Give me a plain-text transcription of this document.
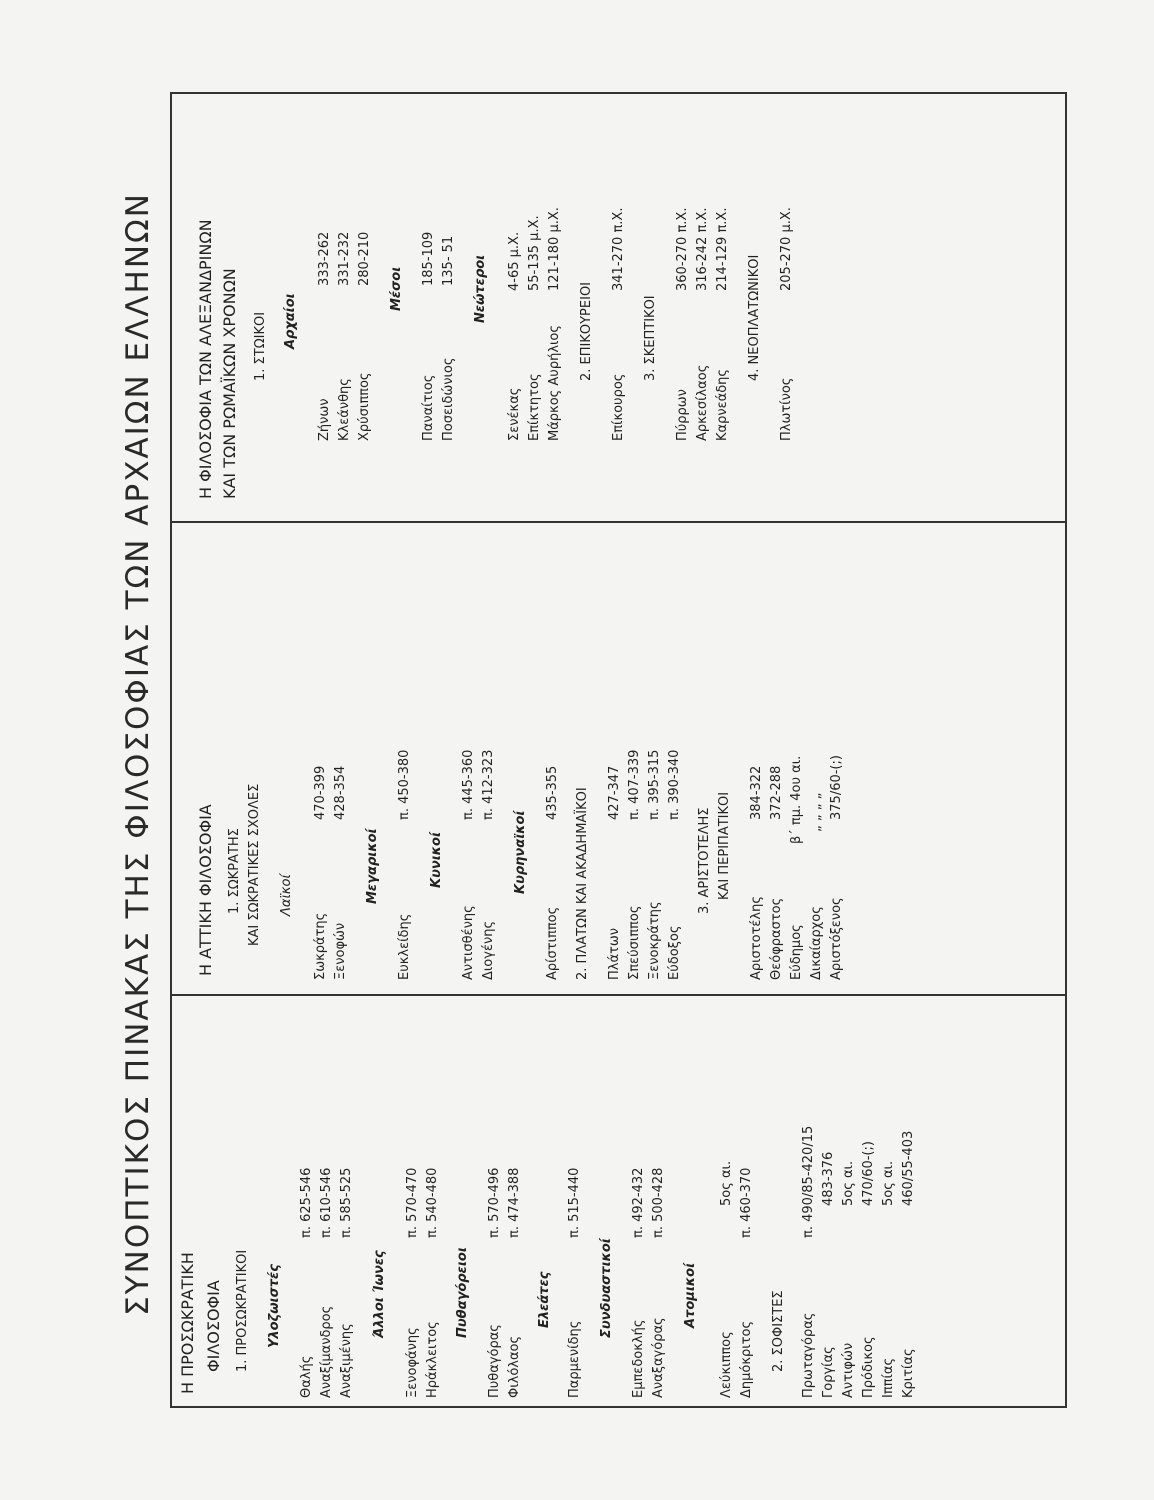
ΣΥΝΟΠΤΙΚΟΣ ΠΙΝΑΚΑΣ ΤΗΣ ΦΙΛΟΣΟΦΙΑΣ ΤΩΝ ΑΡΧΑΙΩΝ ΕΛΛΗΝΩΝ
Η ΠΡΟΣΩΚΡΑΤΙΚΗ ΦΙΛΟΣΟΦΙΑ 1. ΠΡΟΣΩΚΡΑΤΙΚΟΙ Υλοζωιστές
Θαλής
π. 625-546
Αναξίμανδρος
π. 610-546
Αναξιμένης
π. 585-525
Άλλοι Ίωνες
Ξενοφάνης
π. 570-470
Ηράκλειτος
π. 540-480
Πυθαγόρειοι
Πυθαγόρας
π. 570-496
Φιλόλαος
π. 474-388
Ελεάτες
Παρμενίδης
π. 515-440
Συνδυαστικοί
Εμπεδοκλής
π. 492-432
Αναξαγόρας
π. 500-428
Ατομικοί
Λεύκιππος
5ος αι.
Δημόκριτος
π. 460-370
2. ΣΟΦΙΣΤΕΣ Πρωταγόρας
π. 490/85-420/15
Γοργίας
483-376
Αντιφών
5ος αι.
Πρόδικος
470/60-(;)
Ιππίας
5ος αι.
Κριτίας
460/55-403
Η ΑΤΤΙΚΗ ΦΙΛΟΣΟΦΙΑ 1. ΣΩΚΡΑΤΗΣ ΚΑΙ ΣΩΚΡΑΤΙΚΕΣ ΣΧΟΛΕΣ Λαϊκοί
Σωκράτης
470-399
Ξενοφών
428-354
Μεγαρικοί
Ευκλείδης
π. 450-380
Κυνικοί
Αντισθένης
π. 445-360
Διογένης
π. 412-323
Κυρηναϊκοί
Αρίστιππος
435-355 2. ΠΛΑΤΩΝ ΚΑΙ ΑΚΑΔΗΜΑΪΚΟΙ Πλάτων
427-347
Σπεύσιππος
π. 407-339
Ξενοκράτης
π. 395-315
Εύδοξος
π. 390-340
3. ΑΡΙΣΤΟΤΕΛΗΣ ΚΑΙ ΠΕΡΙΠΑΤΙΚΟΙ
Αριστοτέλης
384-322
Θεόφραστος
372-288
Εύδημος
β΄ πμ. 4ου αι.
Δικαίαρχος
„ „ „ „
Αριστόξενος
375/60-(;)
Η ΦΙΛΟΣΟΦΙΑ ΤΩΝ ΑΛΕΞΑΝΔΡΙΝΩΝ ΚΑΙ ΤΩΝ ΡΩΜΑΪΚΩΝ ΧΡΟΝΩΝ 1. ΣΤΩΙΚΟΙ Αρχαίοι
Ζήνων
333-262
Κλεάνθης
331-232
Χρύσιππος
280-210
Μέσοι
Παναίτιος
185-109
Ποσειδώνιος
135- 51 Νεώτεροι
Σενέκας
4-65 μ.Χ.
Επίκτητος
55-135 μ.Χ.
Μάρκος Αυρήλιος
121-180 μ.Χ.
2. ΕΠΙΚΟΥΡΕΙΟΙ
Επίκουρος
341-270 π.Χ.
3. ΣΚΕΠΤΙΚΟΙ
Πύρρων
360-270 π.Χ.
Αρκεσίλαος
316-242 π.Χ.
Καρνεάδης
214-129 π.Χ.
4. ΝΕΟΠΛΑΤΩΝΙΚΟΙ
Πλωτίνος
205-270 μ.Χ.
